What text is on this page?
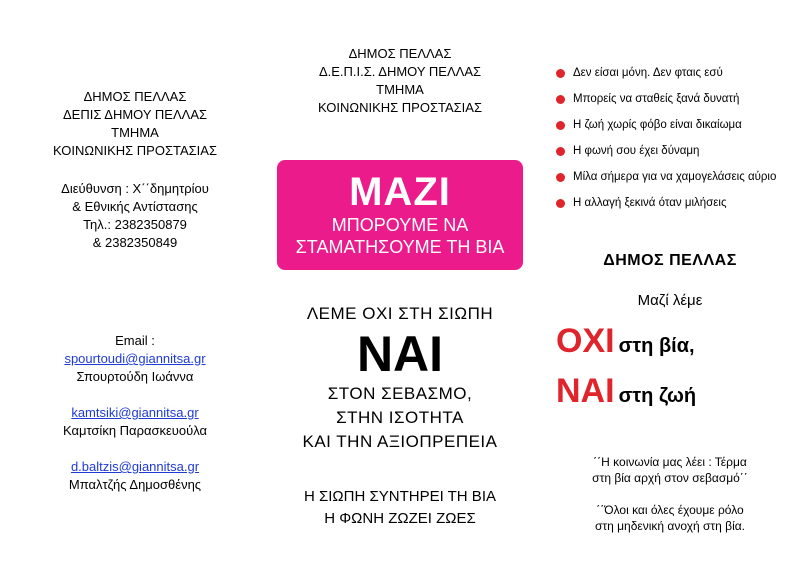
ΔΗΜΟΣ ΠΕΛΛΑΣ
ΔΕΠΙΣ ΔΗΜΟΥ ΠΕΛΛΑΣ
ΤΜΗΜΑ
ΚΟΙΝΩΝΙΚΗΣ ΠΡΟΣΤΑΣΙΑΣ
Διεύθυνση : Χ΄΄δημητρίου
& Εθνικής Αντίστασης
Τηλ.: 2382350879
& 2382350849
Email :
spourtoudi@giannitsa.gr
Σπουρτούδη Ιωάννα
kamtsiki@giannitsa.gr
Καμτσίκη Παρασκευούλα
d.baltzis@giannitsa.gr
Μπαλτζής Δημοσθένης
ΔΗΜΟΣ ΠΕΛΛΑΣ
Δ.Ε.Π.Ι.Σ. ΔΗΜΟΥ ΠΕΛΛΑΣ
ΤΜΗΜΑ
ΚΟΙΝΩΝΙΚΗΣ ΠΡΟΣΤΑΣΙΑΣ
ΜΑΖΙ
ΜΠΟΡΟΥΜΕ ΝΑ
ΣΤΑΜΑΤΗΣΟΥΜΕ ΤΗ ΒΙΑ
ΛΕΜΕ ΟΧΙ ΣΤΗ ΣΙΩΠΗ
ΝΑΙ
ΣΤΟΝ ΣΕΒΑΣΜΟ,
ΣΤΗΝ ΙΣΟΤΗΤΑ
ΚΑΙ ΤΗΝ ΑΞΙΟΠΡΕΠΕΙΑ
Η ΣΙΩΠΗ ΣΥΝΤΗΡΕΙ ΤΗ ΒΙΑ
Η ΦΩΝΗ ΖΩΖΕΙ ΖΩΕΣ
Δεν είσαι μόνη. Δεν φταις εσύ
Μπορείς να σταθείς ξανά δυνατή
Η ζωή χωρίς φόβο είναι δικαίωμα
Η φωνή σου έχει δύναμη
Μίλα σήμερα για να χαμογελάσεις αύριο
Η αλλαγή ξεκινά όταν μιλήσεις
ΔΗΜΟΣ ΠΕΛΛΑΣ
Μαζί λέμε
ΟΧΙ στη βία,
ΝΑΙ στη ζωή
΄΄Η κοινωνία μας λέει : Τέρμα
στη βία αρχή στον σεβασμό΄΄
΄΄Όλοι και όλες έχουμε ρόλο
στη μηδενική ανοχή στη βία.
